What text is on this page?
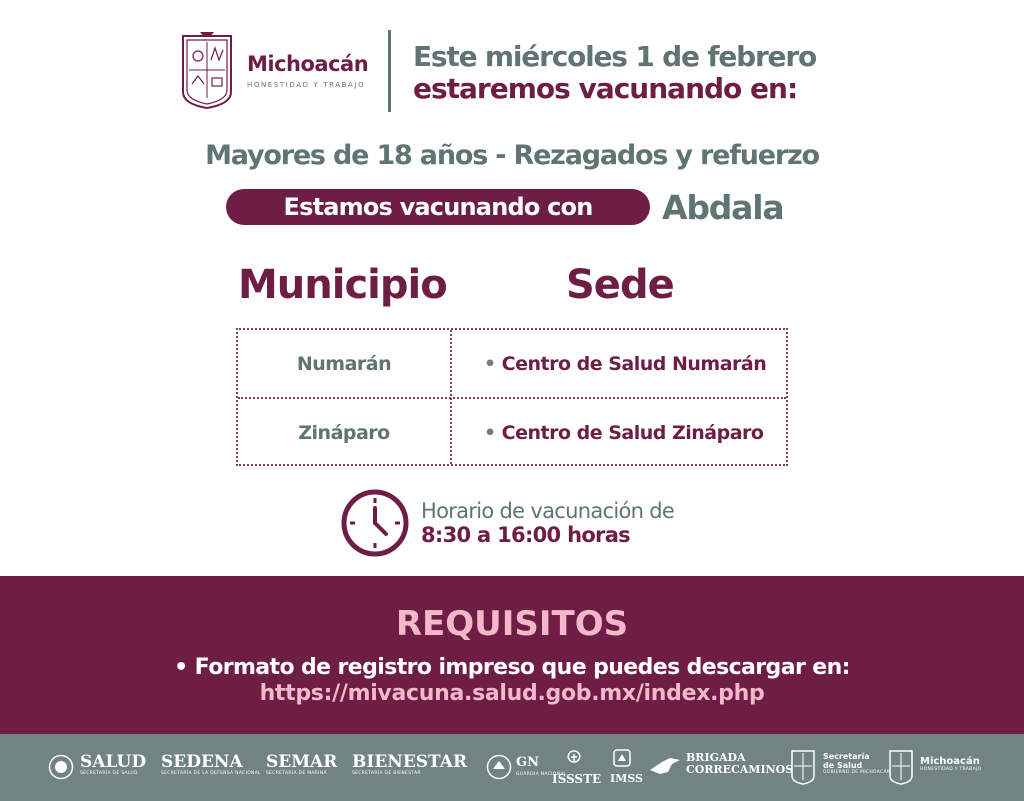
Michoacán
HONESTIDAD Y TRABAJO
Este miércoles 1 de febrero
estaremos vacunando en:
Mayores de 18 años - Rezagados y refuerzo
Estamos vacunando con Abdala
Municipio	Sede
Numarán	• Centro de Salud Numarán
Zináparo	• Centro de Salud Zináparo
Horario de vacunación de
8:30 a 16:00 horas
REQUISITOS
• Formato de registro impreso que puedes descargar en:
https://mivacuna.salud.gob.mx/index.php
SALUD
SECRETARÍA DE SALUD
SEDENA
SECRETARÍA DE LA DEFENSA NACIONAL
SEMAR
SECRETARÍA DE MARINA
BIENESTAR
SECRETARÍA DE BIENESTAR
GN
GUARDIA NACIONAL
ISSSTE IMSS
BRIGADA
CORRECAMINOS
Secretaría
de Salud
GOBIERNO DE MICHOACÁN
Michoacán
HONESTIDAD Y TRABAJO
